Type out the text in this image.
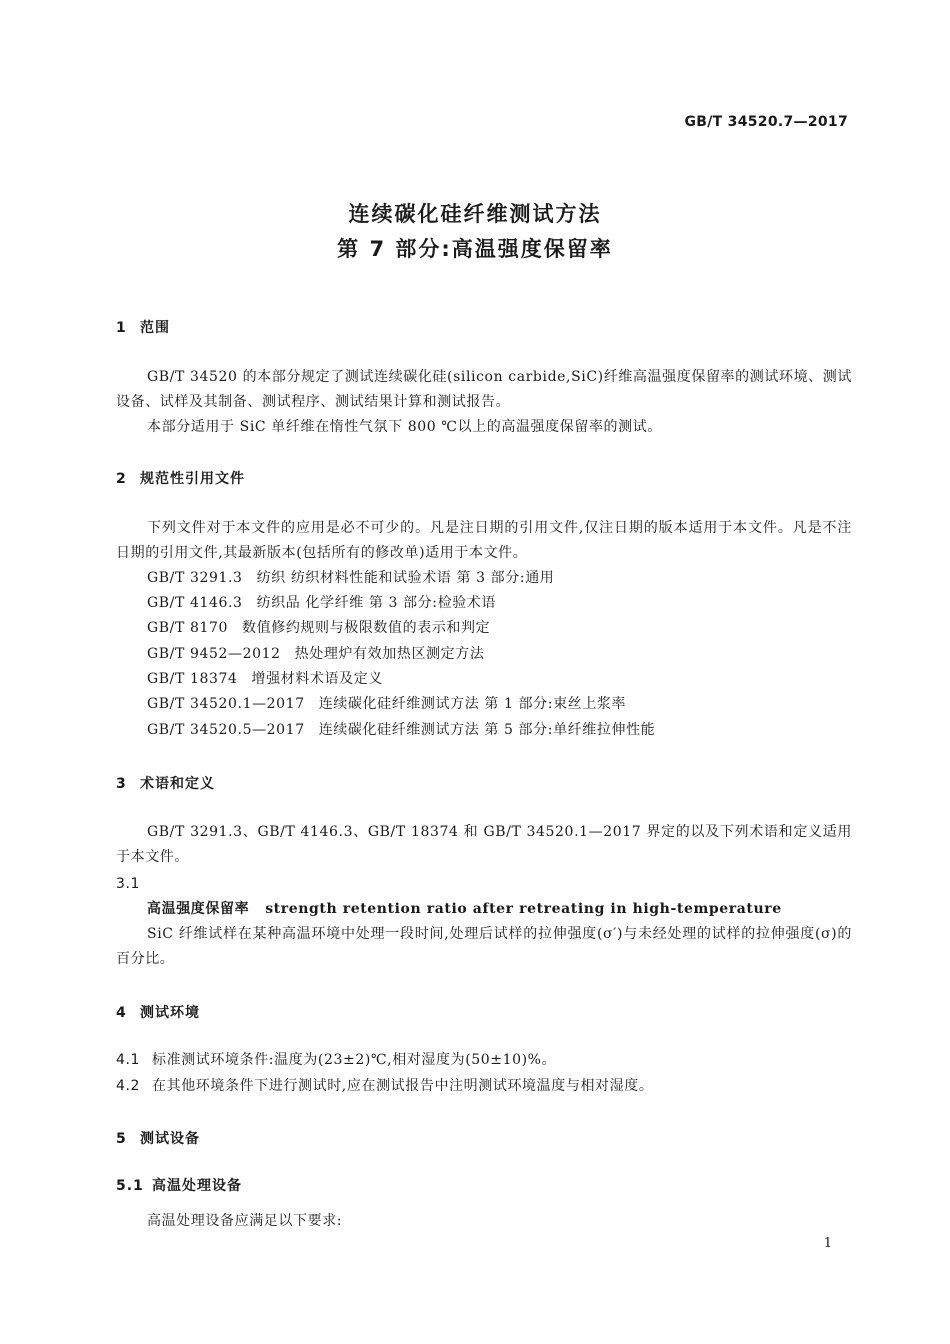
GB/T 34520.7—2017
连续碳化硅纤维测试方法
第 7 部分:高温强度保留率
1 范围
GB/T 34520 的本部分规定了测试连续碳化硅(silicon carbide,SiC)纤维高温强度保留率的测试环境、测试设备、试样及其制备、测试程序、测试结果计算和测试报告。
本部分适用于 SiC 单纤维在惰性气氛下 800 ℃以上的高温强度保留率的测试。
2 规范性引用文件
下列文件对于本文件的应用是必不可少的。凡是注日期的引用文件,仅注日期的版本适用于本文件。凡是不注日期的引用文件,其最新版本(包括所有的修改单)适用于本文件。
GB/T 3291.3 纺织 纺织材料性能和试验术语 第 3 部分:通用
GB/T 4146.3 纺织品 化学纤维 第 3 部分:检验术语
GB/T 8170 数值修约规则与极限数值的表示和判定
GB/T 9452—2012 热处理炉有效加热区测定方法
GB/T 18374 增强材料术语及定义
GB/T 34520.1—2017 连续碳化硅纤维测试方法 第 1 部分:束丝上浆率
GB/T 34520.5—2017 连续碳化硅纤维测试方法 第 5 部分:单纤维拉伸性能
3 术语和定义
GB/T 3291.3、GB/T 4146.3、GB/T 18374 和 GB/T 34520.1—2017 界定的以及下列术语和定义适用于本文件。
3.1
高温强度保留率 strength retention ratio after retreating in high-temperature
SiC 纤维试样在某种高温环境中处理一段时间,处理后试样的拉伸强度(σ′)与未经处理的试样的拉伸强度(σ)的百分比。
4 测试环境
4.1 标准测试环境条件:温度为(23±2)℃,相对湿度为(50±10)%。
4.2 在其他环境条件下进行测试时,应在测试报告中注明测试环境温度与相对湿度。
5 测试设备
5.1 高温处理设备
高温处理设备应满足以下要求:
1
